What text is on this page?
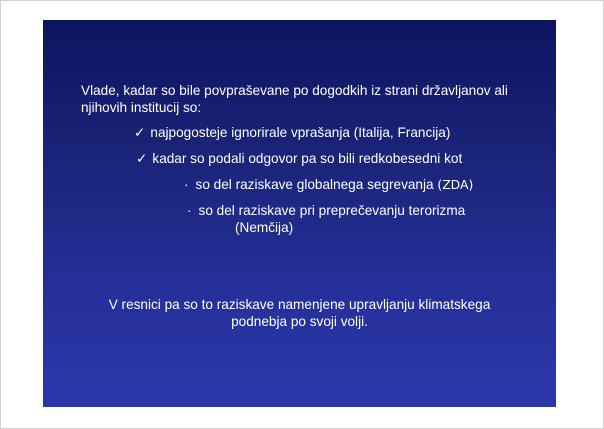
Vlade, kadar so bile povpraševane po dogodkih iz strani državljanov ali
njihovih institucij so:
✓ najpogosteje ignorirale vprašanja (Italija, Francija)
✓ kadar so podali odgovor pa so bili redkobesedni kot
· so del raziskave globalnega segrevanja (ZDA)
· so del raziskave pri preprečevanju terorizma
(Nemčija)
V resnici pa so to raziskave namenjene upravljanju klimatskega
podnebja po svoji volji.
